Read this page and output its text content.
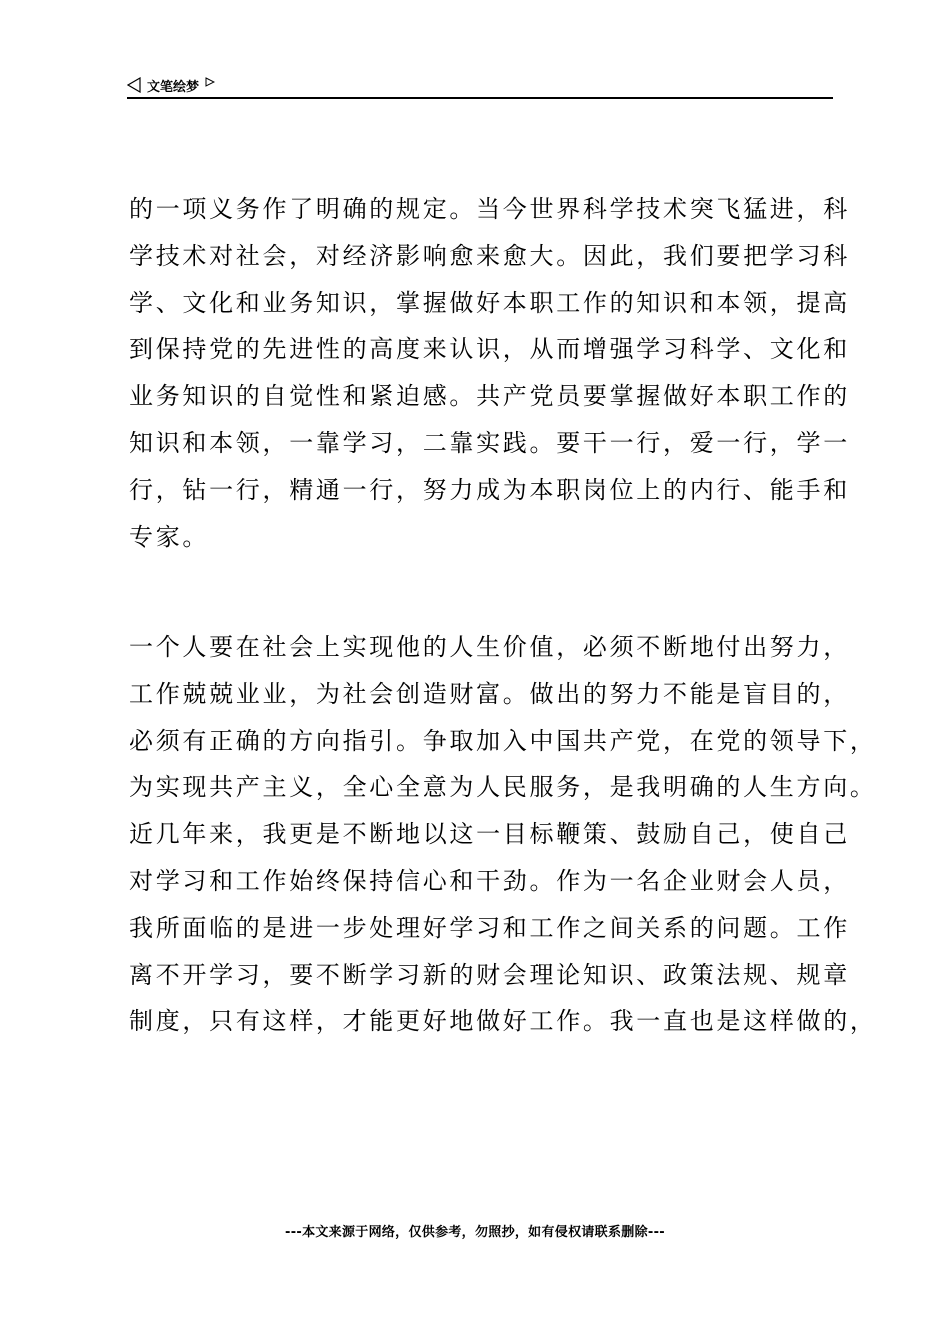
文笔绘梦
的一项义务作了明确的规定。当今世界科学技术突飞猛进，科
学技术对社会，对经济影响愈来愈大。因此，我们要把学习科
学、文化和业务知识，掌握做好本职工作的知识和本领，提高
到保持党的先进性的高度来认识，从而增强学习科学、文化和
业务知识的自觉性和紧迫感。共产党员要掌握做好本职工作的
知识和本领，一靠学习，二靠实践。要干一行，爱一行，学一
行，钻一行，精通一行，努力成为本职岗位上的内行、能手和
专家。
一个人要在社会上实现他的人生价值，必须不断地付出努力，
工作兢兢业业，为社会创造财富。做出的努力不能是盲目的，
必须有正确的方向指引。争取加入中国共产党，在党的领导下，
为实现共产主义，全心全意为人民服务，是我明确的人生方向。
近几年来，我更是不断地以这一目标鞭策、鼓励自己，使自己
对学习和工作始终保持信心和干劲。作为一名企业财会人员，
我所面临的是进一步处理好学习和工作之间关系的问题。工作
离不开学习，要不断学习新的财会理论知识、政策法规、规章
制度，只有这样，才能更好地做好工作。我一直也是这样做的，
---本文来源于网络，仅供参考，勿照抄，如有侵权请联系删除---
